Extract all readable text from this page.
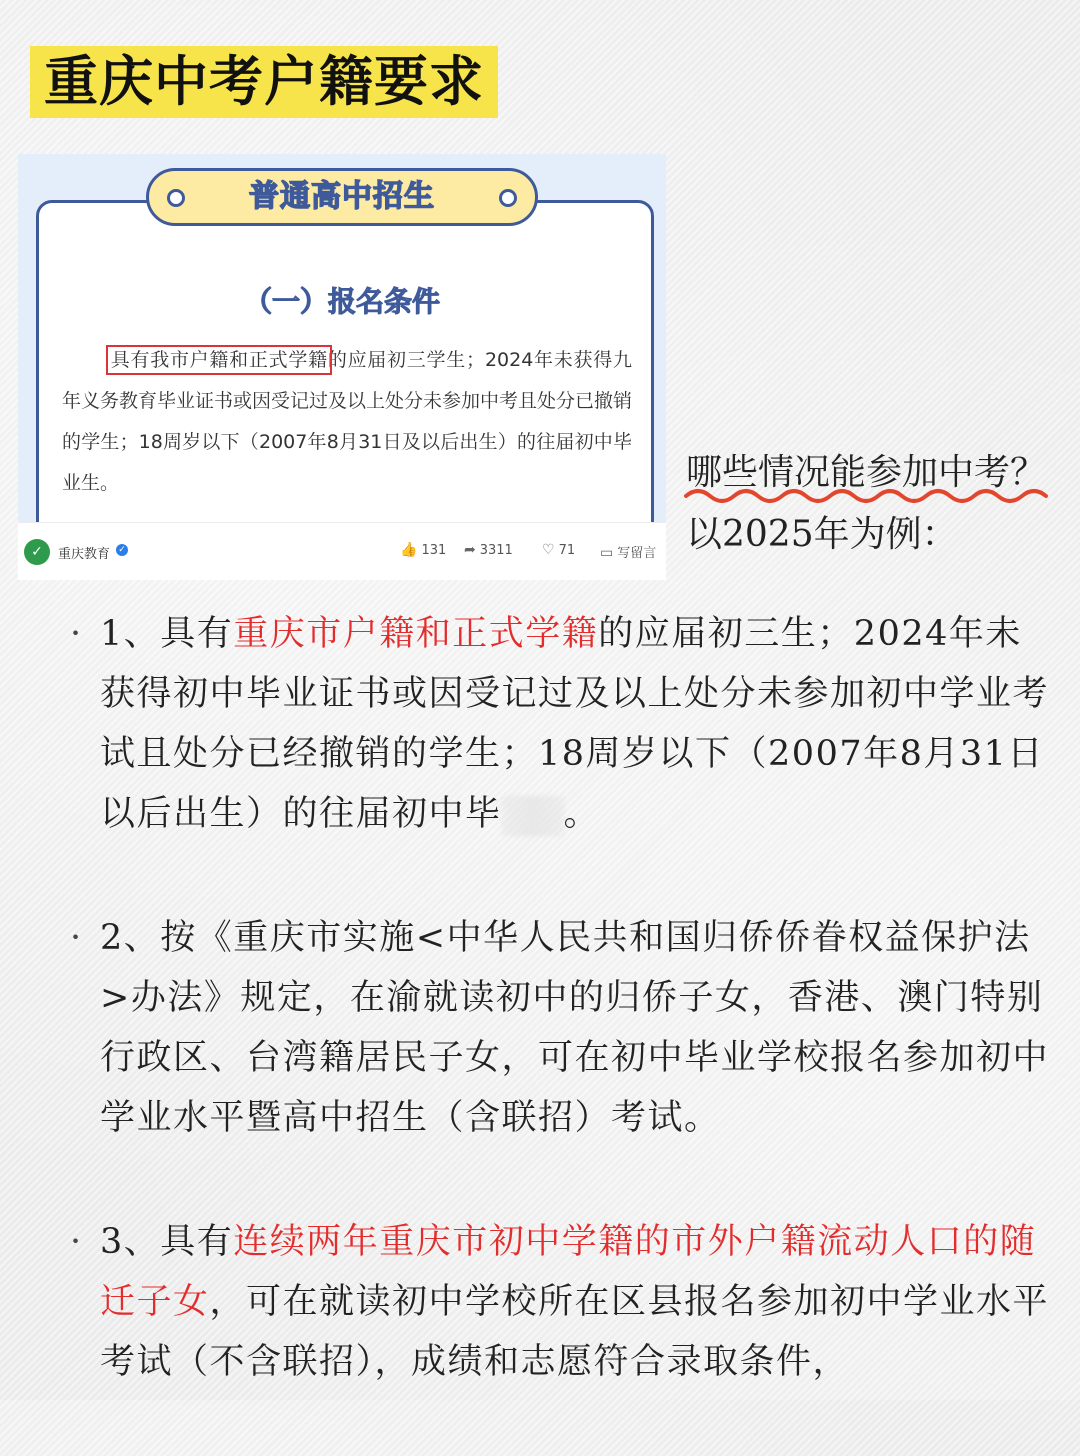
重庆中考户籍要求
普通高中招生
（一）报名条件
具有我市户籍和正式学籍的应届初三学生；2024年未获得九年义务教育毕业证书或因受记过及以上处分未参加中考且处分已撤销的学生；18周岁以下（2007年8月31日及以后出生）的往届初中毕业生。
✓	重庆教育 ✓	👍 131 ➦ 3311 ♡ 71 ▭ 写留言
哪些情况能参加中考？
以2025年为例：
· 1、具有重庆市户籍和正式学籍的应届初三生；2024年未获得初中毕业证书或因受记过及以上处分未参加初中学业考试且处分已经撤销的学生；18周岁以下（2007年8月31日以后出生）的往届初中毕 。
· 2、按《重庆市实施<中华人民共和国归侨侨眷权益保护法>办法》规定，在渝就读初中的归侨子女，香港、澳门特别行政区、台湾籍居民子女，可在初中毕业学校报名参加初中学业水平暨高中招生（含联招）考试。
· 3、具有连续两年重庆市初中学籍的市外户籍流动人口的随迁子女，可在就读初中学校所在区县报名参加初中学业水平考试（不含联招），成绩和志愿符合录取条件，
